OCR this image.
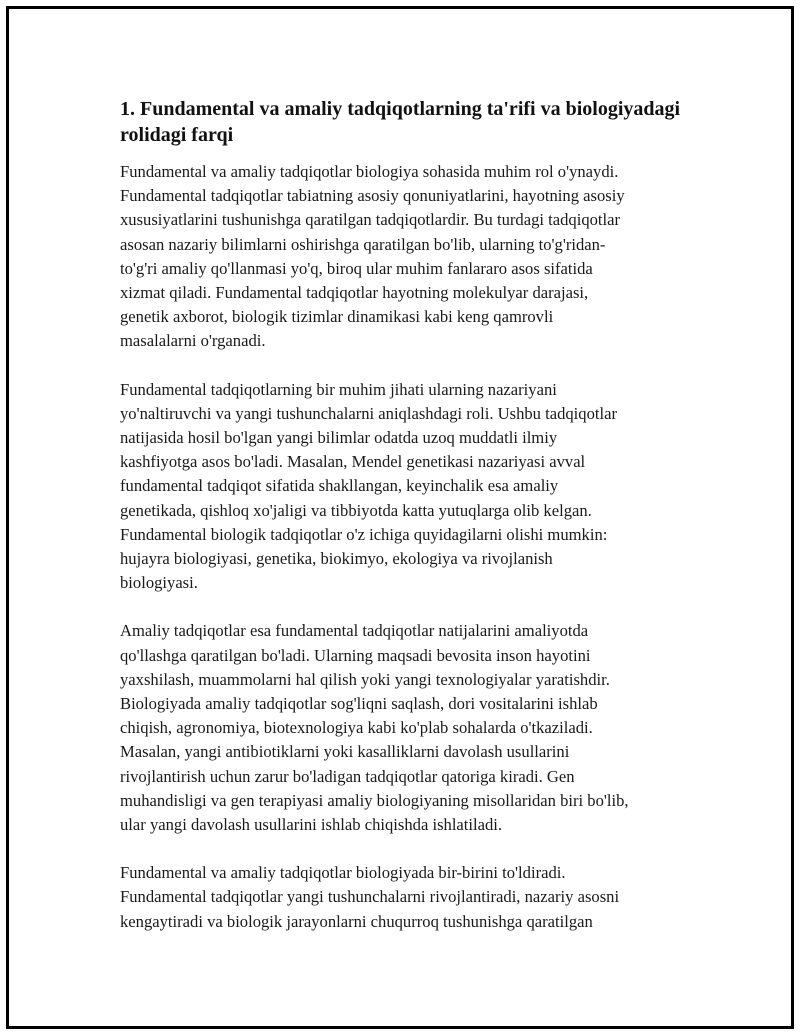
1. Fundamental va amaliy tadqiqotlarning ta'rifi va biologiyadagi rolidagi farqi

Fundamental va amaliy tadqiqotlar biologiya sohasida muhim rol o'ynaydi.
Fundamental tadqiqotlar tabiatning asosiy qonuniyatlarini, hayotning asosiy
xususiyatlarini tushunishga qaratilgan tadqiqotlardir. Bu turdagi tadqiqotlar
asosan nazariy bilimlarni oshirishga qaratilgan bo'lib, ularning to'g'ridan-
to'g'ri amaliy qo'llanmasi yo'q, biroq ular muhim fanlararo asos sifatida
xizmat qiladi. Fundamental tadqiqotlar hayotning molekulyar darajasi,
genetik axborot, biologik tizimlar dinamikasi kabi keng qamrovli
masalalarni o'rganadi.

Fundamental tadqiqotlarning bir muhim jihati ularning nazariyani
yo'naltiruvchi va yangi tushunchalarni aniqlashdagi roli. Ushbu tadqiqotlar
natijasida hosil bo'lgan yangi bilimlar odatda uzoq muddatli ilmiy
kashfiyotga asos bo'ladi. Masalan, Mendel genetikasi nazariyasi avval
fundamental tadqiqot sifatida shakllangan, keyinchalik esa amaliy
genetikada, qishloq xo'jaligi va tibbiyotda katta yutuqlarga olib kelgan.
Fundamental biologik tadqiqotlar o'z ichiga quyidagilarni olishi mumkin:
hujayra biologiyasi, genetika, biokimyo, ekologiya va rivojlanish
biologiyasi.

Amaliy tadqiqotlar esa fundamental tadqiqotlar natijalarini amaliyotda
qo'llashga qaratilgan bo'ladi. Ularning maqsadi bevosita inson hayotini
yaxshilash, muammolarni hal qilish yoki yangi texnologiyalar yaratishdir.
Biologiyada amaliy tadqiqotlar sog'liqni saqlash, dori vositalarini ishlab
chiqish, agronomiya, biotexnologiya kabi ko'plab sohalarda o'tkaziladi.
Masalan, yangi antibiotiklarni yoki kasalliklarni davolash usullarini
rivojlantirish uchun zarur bo'ladigan tadqiqotlar qatoriga kiradi. Gen
muhandisligi va gen terapiyasi amaliy biologiyaning misollaridan biri bo'lib,
ular yangi davolash usullarini ishlab chiqishda ishlatiladi.

Fundamental va amaliy tadqiqotlar biologiyada bir-birini to'ldiradi.
Fundamental tadqiqotlar yangi tushunchalarni rivojlantiradi, nazariy asosni
kengaytiradi va biologik jarayonlarni chuqurroq tushunishga qaratilgan
